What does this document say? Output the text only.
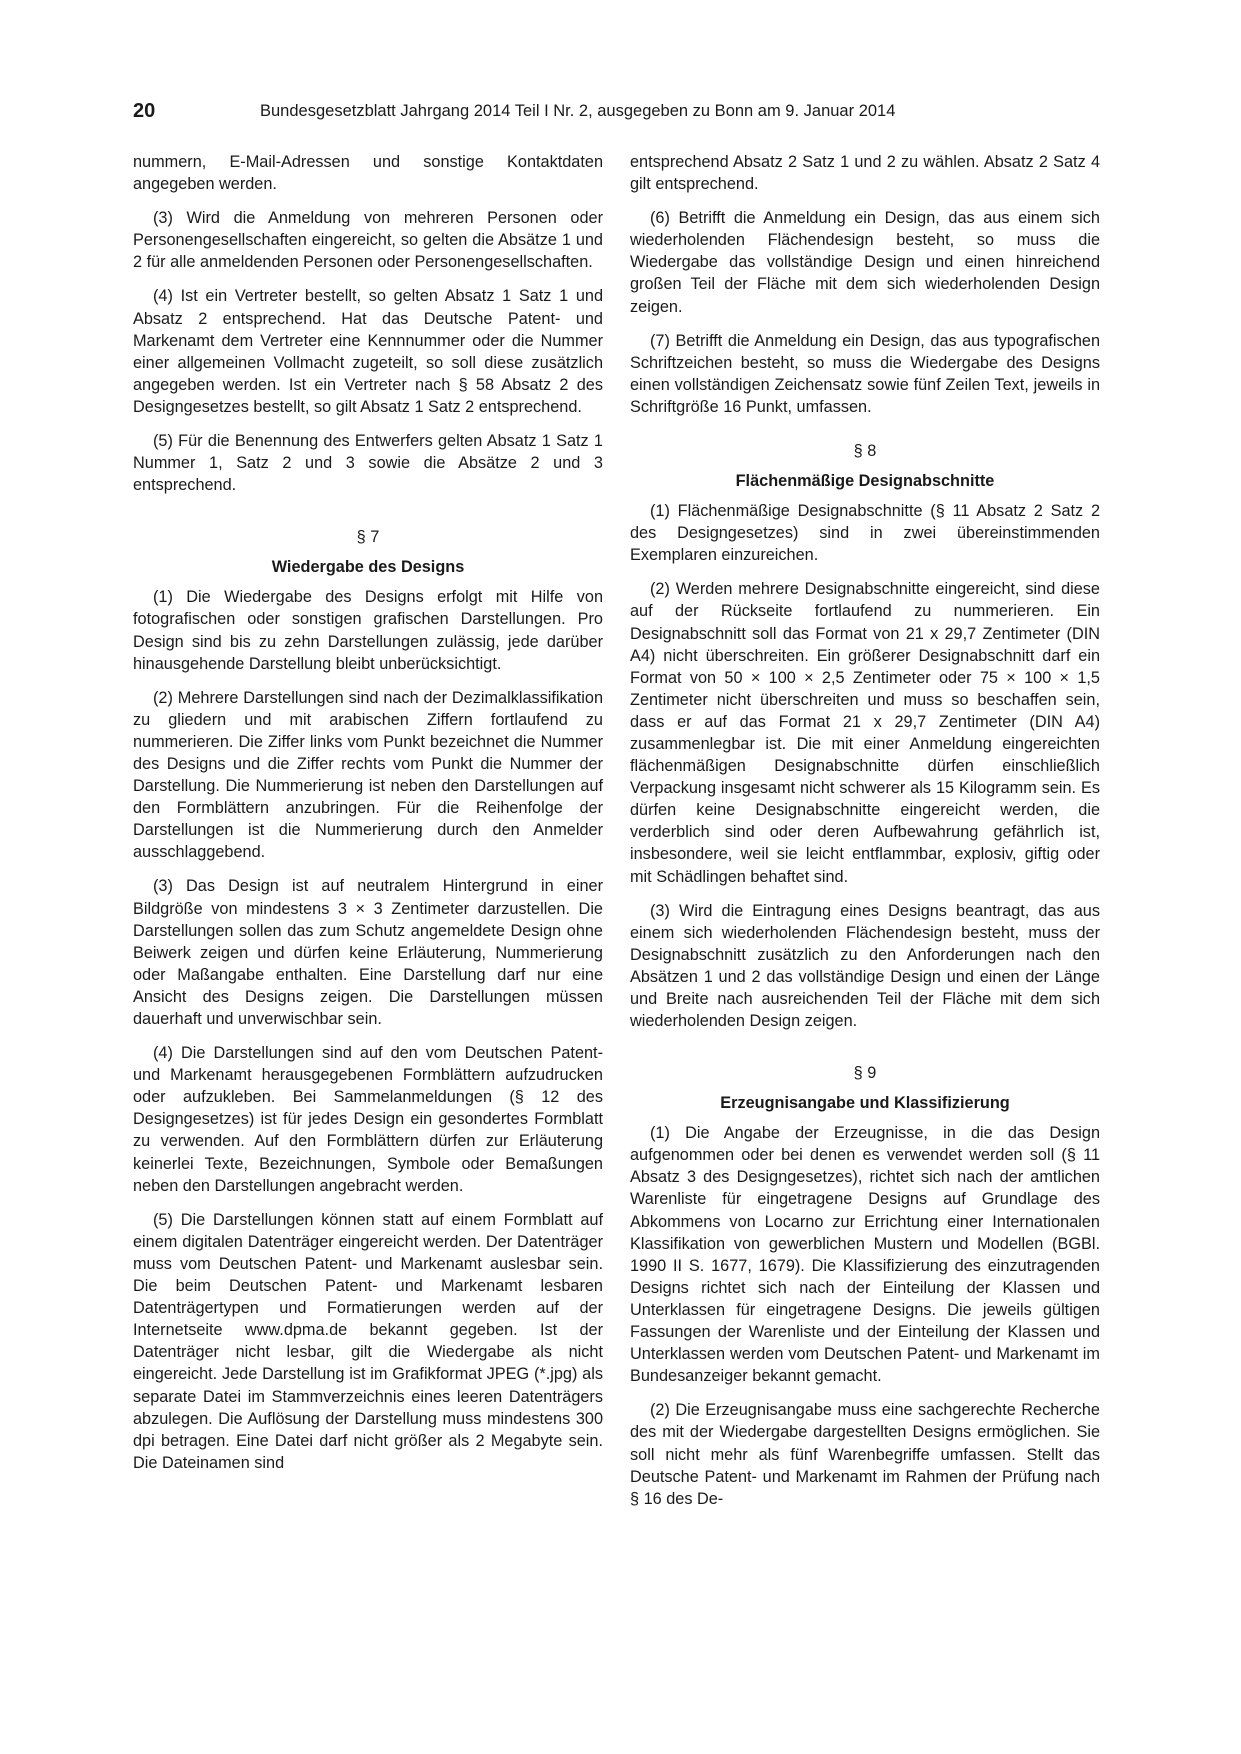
20	Bundesgesetzblatt Jahrgang 2014 Teil I Nr. 2, ausgegeben zu Bonn am 9. Januar 2014

nummern, E-Mail-Adressen und sonstige Kontaktdaten angegeben werden.

(3) Wird die Anmeldung von mehreren Personen oder Personengesellschaften eingereicht, so gelten die Absätze 1 und 2 für alle anmeldenden Personen oder Personengesellschaften.

(4) Ist ein Vertreter bestellt, so gelten Absatz 1 Satz 1 und Absatz 2 entsprechend. Hat das Deutsche Patent- und Markenamt dem Vertreter eine Kennnummer oder die Nummer einer allgemeinen Vollmacht zugeteilt, so soll diese zusätzlich angegeben werden. Ist ein Vertreter nach § 58 Absatz 2 des Designgesetzes bestellt, so gilt Absatz 1 Satz 2 entsprechend.

(5) Für die Benennung des Entwerfers gelten Absatz 1 Satz 1 Nummer 1, Satz 2 und 3 sowie die Absätze 2 und 3 entsprechend.

§ 7
Wiedergabe des Designs

(1) Die Wiedergabe des Designs erfolgt mit Hilfe von fotografischen oder sonstigen grafischen Darstellungen. Pro Design sind bis zu zehn Darstellungen zulässig, jede darüber hinausgehende Darstellung bleibt unberücksichtigt.

(2) Mehrere Darstellungen sind nach der Dezimalklassifikation zu gliedern und mit arabischen Ziffern fortlaufend zu nummerieren. Die Ziffer links vom Punkt bezeichnet die Nummer des Designs und die Ziffer rechts vom Punkt die Nummer der Darstellung. Die Nummerierung ist neben den Darstellungen auf den Formblättern anzubringen. Für die Reihenfolge der Darstellungen ist die Nummerierung durch den Anmelder ausschlaggebend.

(3) Das Design ist auf neutralem Hintergrund in einer Bildgröße von mindestens 3 × 3 Zentimeter darzustellen. Die Darstellungen sollen das zum Schutz angemeldete Design ohne Beiwerk zeigen und dürfen keine Erläuterung, Nummerierung oder Maßangabe enthalten. Eine Darstellung darf nur eine Ansicht des Designs zeigen. Die Darstellungen müssen dauerhaft und unverwischbar sein.

(4) Die Darstellungen sind auf den vom Deutschen Patent- und Markenamt herausgegebenen Formblättern aufzudrucken oder aufzukleben. Bei Sammelanmeldungen (§ 12 des Designgesetzes) ist für jedes Design ein gesondertes Formblatt zu verwenden. Auf den Formblättern dürfen zur Erläuterung keinerlei Texte, Bezeichnungen, Symbole oder Bemaßungen neben den Darstellungen angebracht werden.

(5) Die Darstellungen können statt auf einem Formblatt auf einem digitalen Datenträger eingereicht werden. Der Datenträger muss vom Deutschen Patent- und Markenamt auslesbar sein. Die beim Deutschen Patent- und Markenamt lesbaren Datenträgertypen und Formatierungen werden auf der Internetseite www.dpma.de bekannt gegeben. Ist der Datenträger nicht lesbar, gilt die Wiedergabe als nicht eingereicht. Jede Darstellung ist im Grafikformat JPEG (*.jpg) als separate Datei im Stammverzeichnis eines leeren Datenträgers abzulegen. Die Auflösung der Darstellung muss mindestens 300 dpi betragen. Eine Datei darf nicht größer als 2 Megabyte sein. Die Dateinamen sind

entsprechend Absatz 2 Satz 1 und 2 zu wählen. Absatz 2 Satz 4 gilt entsprechend.

(6) Betrifft die Anmeldung ein Design, das aus einem sich wiederholenden Flächendesign besteht, so muss die Wiedergabe das vollständige Design und einen hinreichend großen Teil der Fläche mit dem sich wiederholenden Design zeigen.

(7) Betrifft die Anmeldung ein Design, das aus typografischen Schriftzeichen besteht, so muss die Wiedergabe des Designs einen vollständigen Zeichensatz sowie fünf Zeilen Text, jeweils in Schriftgröße 16 Punkt, umfassen.

§ 8
Flächenmäßige Designabschnitte

(1) Flächenmäßige Designabschnitte (§ 11 Absatz 2 Satz 2 des Designgesetzes) sind in zwei übereinstimmenden Exemplaren einzureichen.

(2) Werden mehrere Designabschnitte eingereicht, sind diese auf der Rückseite fortlaufend zu nummerieren. Ein Designabschnitt soll das Format von 21 x 29,7 Zentimeter (DIN A4) nicht überschreiten. Ein größerer Designabschnitt darf ein Format von 50 × 100 × 2,5 Zentimeter oder 75 × 100 × 1,5 Zentimeter nicht überschreiten und muss so beschaffen sein, dass er auf das Format 21 x 29,7 Zentimeter (DIN A4) zusammenlegbar ist. Die mit einer Anmeldung eingereichten flächenmäßigen Designabschnitte dürfen einschließlich Verpackung insgesamt nicht schwerer als 15 Kilogramm sein. Es dürfen keine Designabschnitte eingereicht werden, die verderblich sind oder deren Aufbewahrung gefährlich ist, insbesondere, weil sie leicht entflammbar, explosiv, giftig oder mit Schädlingen behaftet sind.

(3) Wird die Eintragung eines Designs beantragt, das aus einem sich wiederholenden Flächendesign besteht, muss der Designabschnitt zusätzlich zu den Anforderungen nach den Absätzen 1 und 2 das vollständige Design und einen der Länge und Breite nach ausreichenden Teil der Fläche mit dem sich wiederholenden Design zeigen.

§ 9
Erzeugnisangabe und Klassifizierung

(1) Die Angabe der Erzeugnisse, in die das Design aufgenommen oder bei denen es verwendet werden soll (§ 11 Absatz 3 des Designgesetzes), richtet sich nach der amtlichen Warenliste für eingetragene Designs auf Grundlage des Abkommens von Locarno zur Errichtung einer Internationalen Klassifikation von gewerblichen Mustern und Modellen (BGBl. 1990 II S. 1677, 1679). Die Klassifizierung des einzutragenden Designs richtet sich nach der Einteilung der Klassen und Unterklassen für eingetragene Designs. Die jeweils gültigen Fassungen der Warenliste und der Einteilung der Klassen und Unterklassen werden vom Deutschen Patent- und Markenamt im Bundesanzeiger bekannt gemacht.

(2) Die Erzeugnisangabe muss eine sachgerechte Recherche des mit der Wiedergabe dargestellten Designs ermöglichen. Sie soll nicht mehr als fünf Warenbegriffe umfassen. Stellt das Deutsche Patent- und Markenamt im Rahmen der Prüfung nach § 16 des De-
